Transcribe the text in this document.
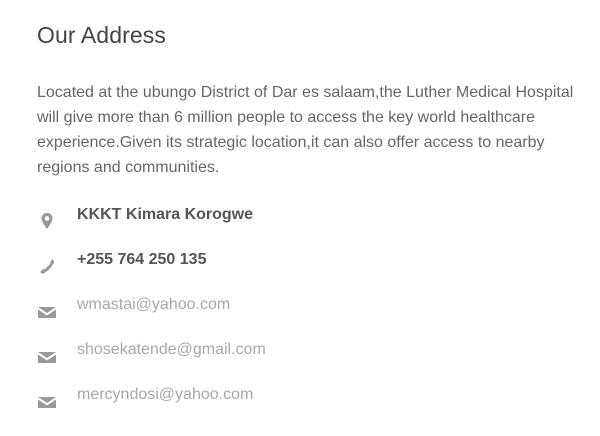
Our Address

Located at the ubungo District of Dar es salaam,the Luther Medical Hospital will give more than 6 million people to access the key world healthcare experience.Given its strategic location,it can also offer access to nearby regions and communities.

KKKT Kimara Korogwe
+255 764 250 135
wmastai@yahoo.com
shosekatende@gmail.com
mercyndosi@yahoo.com
